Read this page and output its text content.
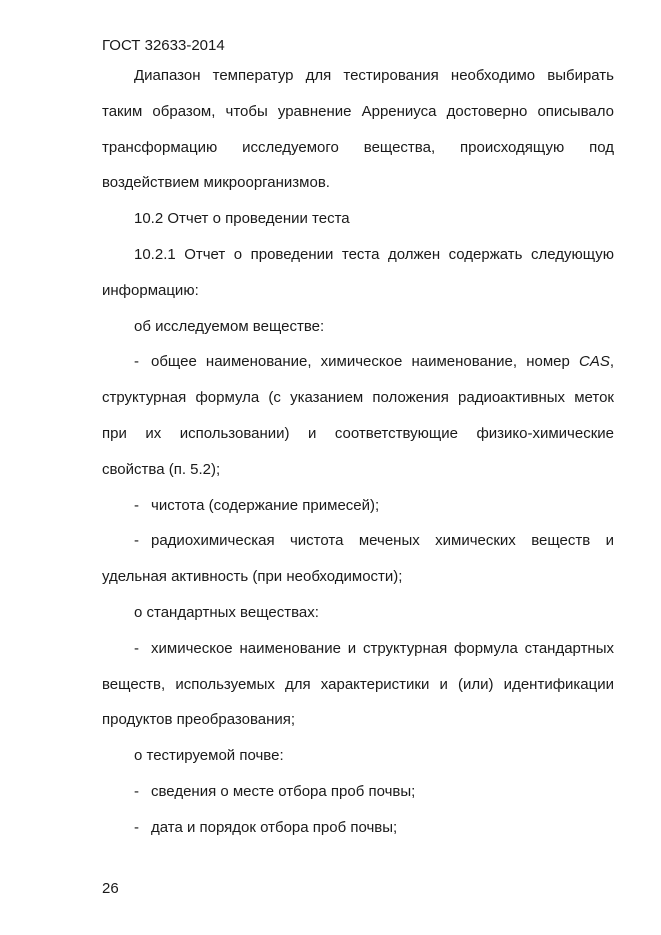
ГОСТ 32633-2014
Диапазон температур для тестирования необходимо выбирать
таким образом, чтобы уравнение Аррениуса достоверно описывало
трансформацию исследуемого вещества, происходящую под
воздействием микроорганизмов.
10.2 Отчет о проведении теста
10.2.1 Отчет о проведении теста должен содержать следующую
информацию:
об исследуемом веществе:
- общее наименование, химическое наименование, номер CAS,
структурная формула (с указанием положения радиоактивных меток
при их использовании) и соответствующие физико-химические
свойства (п. 5.2);
- чистота (содержание примесей);
- радиохимическая чистота меченых химических веществ и
удельная активность (при необходимости);
о стандартных веществах:
- химическое наименование и структурная формула стандартных
веществ, используемых для характеристики и (или) идентификации
продуктов преобразования;
о тестируемой почве:
- сведения о месте отбора проб почвы;
- дата и порядок отбора проб почвы;
26
